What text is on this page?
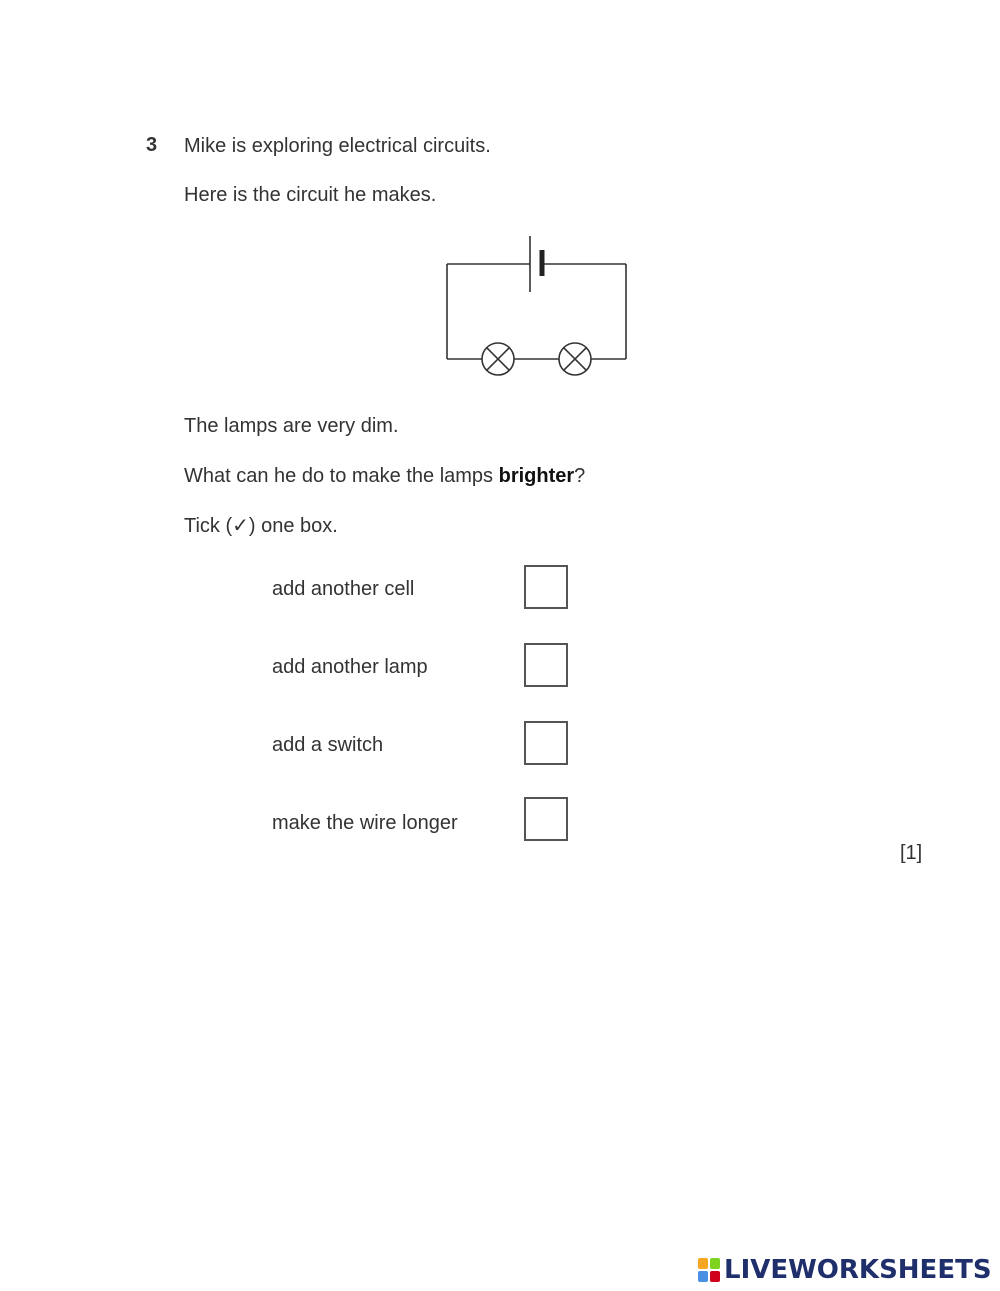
3 Mike is exploring electrical circuits.
Here is the circuit he makes.
The lamps are very dim.
What can he do to make the lamps brighter?
Tick (✓) one box.
add another cell
add another lamp
add a switch
make the wire longer
[1]
LIVEWORKSHEETS
